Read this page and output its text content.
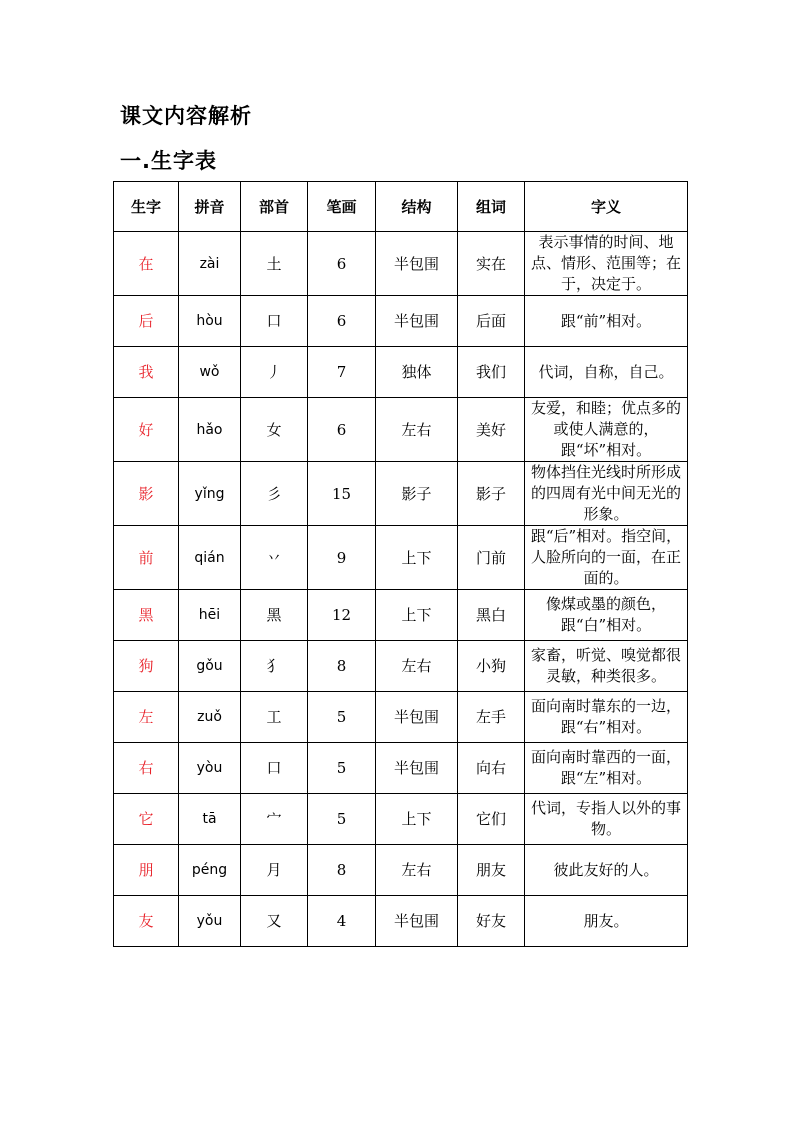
课文内容解析
一.生字表
生字	拼音	部首	笔画	结构	组词	字义
在	zài	土	6	半包围	实在	表示事情的时间、地点、情形、范围等；在于，决定于。
后	hòu	口	6	半包围	后面	跟“前”相对。
我	wǒ	丿	7	独体	我们	代词，自称，自己。
好	hǎo	女	6	左右	美好	友爱，和睦；优点多的或使人满意的，跟“坏”相对。
影	yǐng	彡	15	影子	影子	物体挡住光线时所形成的四周有光中间无光的形象。
前	qián	丷	9	上下	门前	跟“后”相对。指空间，人脸所向的一面，在正面的。
黑	hēi	黑	12	上下	黑白	像煤或墨的颜色，跟“白”相对。
狗	gǒu	犭	8	左右	小狗	家畜，听觉、嗅觉都很灵敏，种类很多。
左	zuǒ	工	5	半包围	左手	面向南时靠东的一边，跟“右”相对。
右	yòu	口	5	半包围	向右	面向南时靠西的一面，跟“左”相对。
它	tā	宀	5	上下	它们	代词，专指人以外的事物。
朋	péng	月	8	左右	朋友	彼此友好的人。
友	yǒu	又	4	半包围	好友	朋友。
